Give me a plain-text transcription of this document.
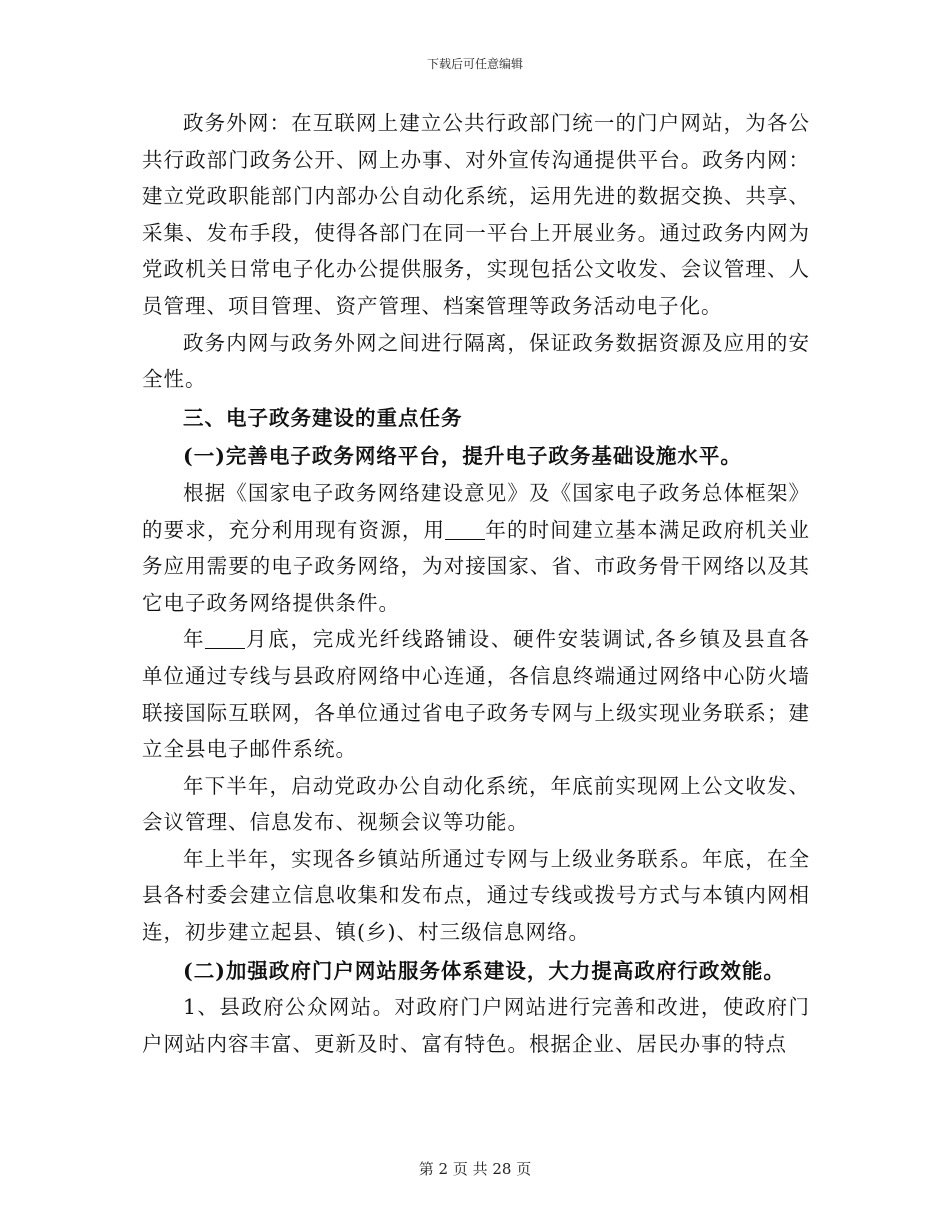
下载后可任意编辑

政务外网：在互联网上建立公共行政部门统一的门户网站，为各公共行政部门政务公开、网上办事、对外宣传沟通提供平台。政务内网：建立党政职能部门内部办公自动化系统，运用先进的数据交换、共享、采集、发布手段，使得各部门在同一平台上开展业务。通过政务内网为党政机关日常电子化办公提供服务，实现包括公文收发、会议管理、人员管理、项目管理、资产管理、档案管理等政务活动电子化。

政务内网与政务外网之间进行隔离，保证政务数据资源及应用的安全性。

三、电子政务建设的重点任务

(一)完善电子政务网络平台，提升电子政务基础设施水平。

根据《国家电子政务网络建设意见》及《国家电子政务总体框架》的要求，充分利用现有资源，用 年的时间建立基本满足政府机关业务应用需要的电子政务网络，为对接国家、省、市政务骨干网络以及其它电子政务网络提供条件。

年 月底，完成光纤线路铺设、硬件安装调试,各乡镇及县直各单位通过专线与县政府网络中心连通，各信息终端通过网络中心防火墙联接国际互联网，各单位通过省电子政务专网与上级实现业务联系；建立全县电子邮件系统。

年下半年，启动党政办公自动化系统，年底前实现网上公文收发、会议管理、信息发布、视频会议等功能。

年上半年，实现各乡镇站所通过专网与上级业务联系。年底，在全县各村委会建立信息收集和发布点，通过专线或拨号方式与本镇内网相连，初步建立起县、镇(乡)、村三级信息网络。

(二)加强政府门户网站服务体系建设，大力提高政府行政效能。

1、县政府公众网站。对政府门户网站进行完善和改进，使政府门户网站内容丰富、更新及时、富有特色。根据企业、居民办事的特点

第 2 页 共 28 页
